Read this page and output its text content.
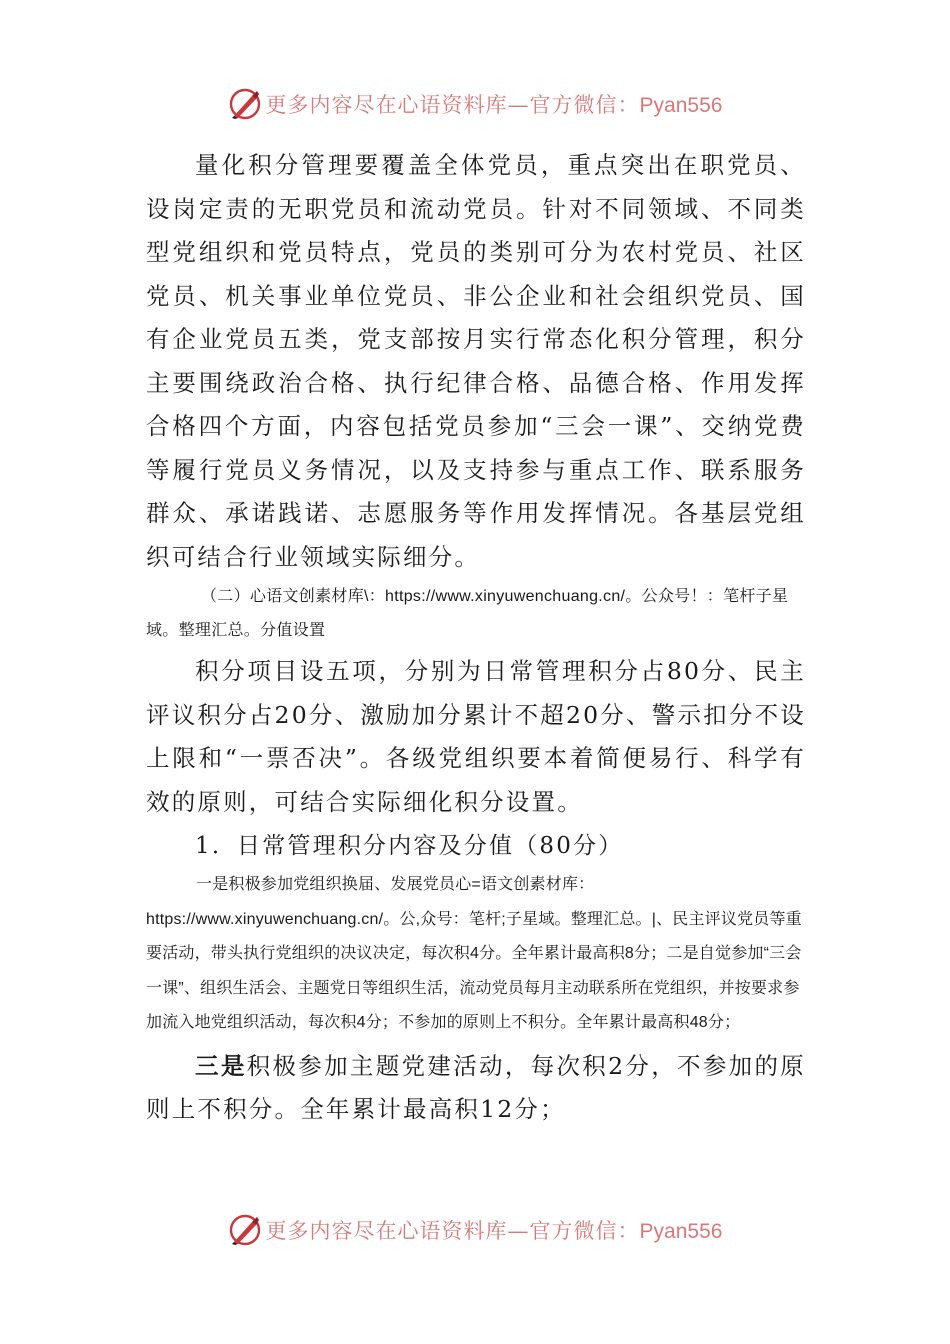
更多内容尽在心语资料库—官方微信：Pyan556

量化积分管理要覆盖全体党员，重点突出在职党员、设岗定责的无职党员和流动党员。针对不同领域、不同类型党组织和党员特点，党员的类别可分为农村党员、社区党员、机关事业单位党员、非公企业和社会组织党员、国有企业党员五类，党支部按月实行常态化积分管理，积分主要围绕政治合格、执行纪律合格、品德合格、作用发挥合格四个方面，内容包括党员参加“三会一课”、交纳党费等履行党员义务情况，以及支持参与重点工作、联系服务群众、承诺践诺、志愿服务等作用发挥情况。各基层党组织可结合行业领域实际细分。

（二）心语文创素材库\：https://www.xinyuwenchuang.cn/。公众号！：笔杆子星域。整理汇总。分值设置

积分项目设五项，分别为日常管理积分占80分、民主评议积分占20分、激励加分累计不超20分、警示扣分不设上限和“一票否决”。各级党组织要本着简便易行、科学有效的原则，可结合实际细化积分设置。

1．日常管理积分内容及分值（80分）

一是积极参加党组织换届、发展党员心=语文创素材库：https://www.xinyuwenchuang.cn/。公,众号：笔杆;子星域。整理汇总。|、民主评议党员等重要活动，带头执行党组织的决议决定，每次积4分。全年累计最高积8分；二是自觉参加“三会一课”、组织生活会、主题党日等组织生活，流动党员每月主动联系所在党组织，并按要求参加流入地党组织活动，每次积4分；不参加的原则上不积分。全年累计最高积48分；

三是积极参加主题党建活动，每次积2分，不参加的原则上不积分。全年累计最高积12分；

更多内容尽在心语资料库—官方微信：Pyan556
